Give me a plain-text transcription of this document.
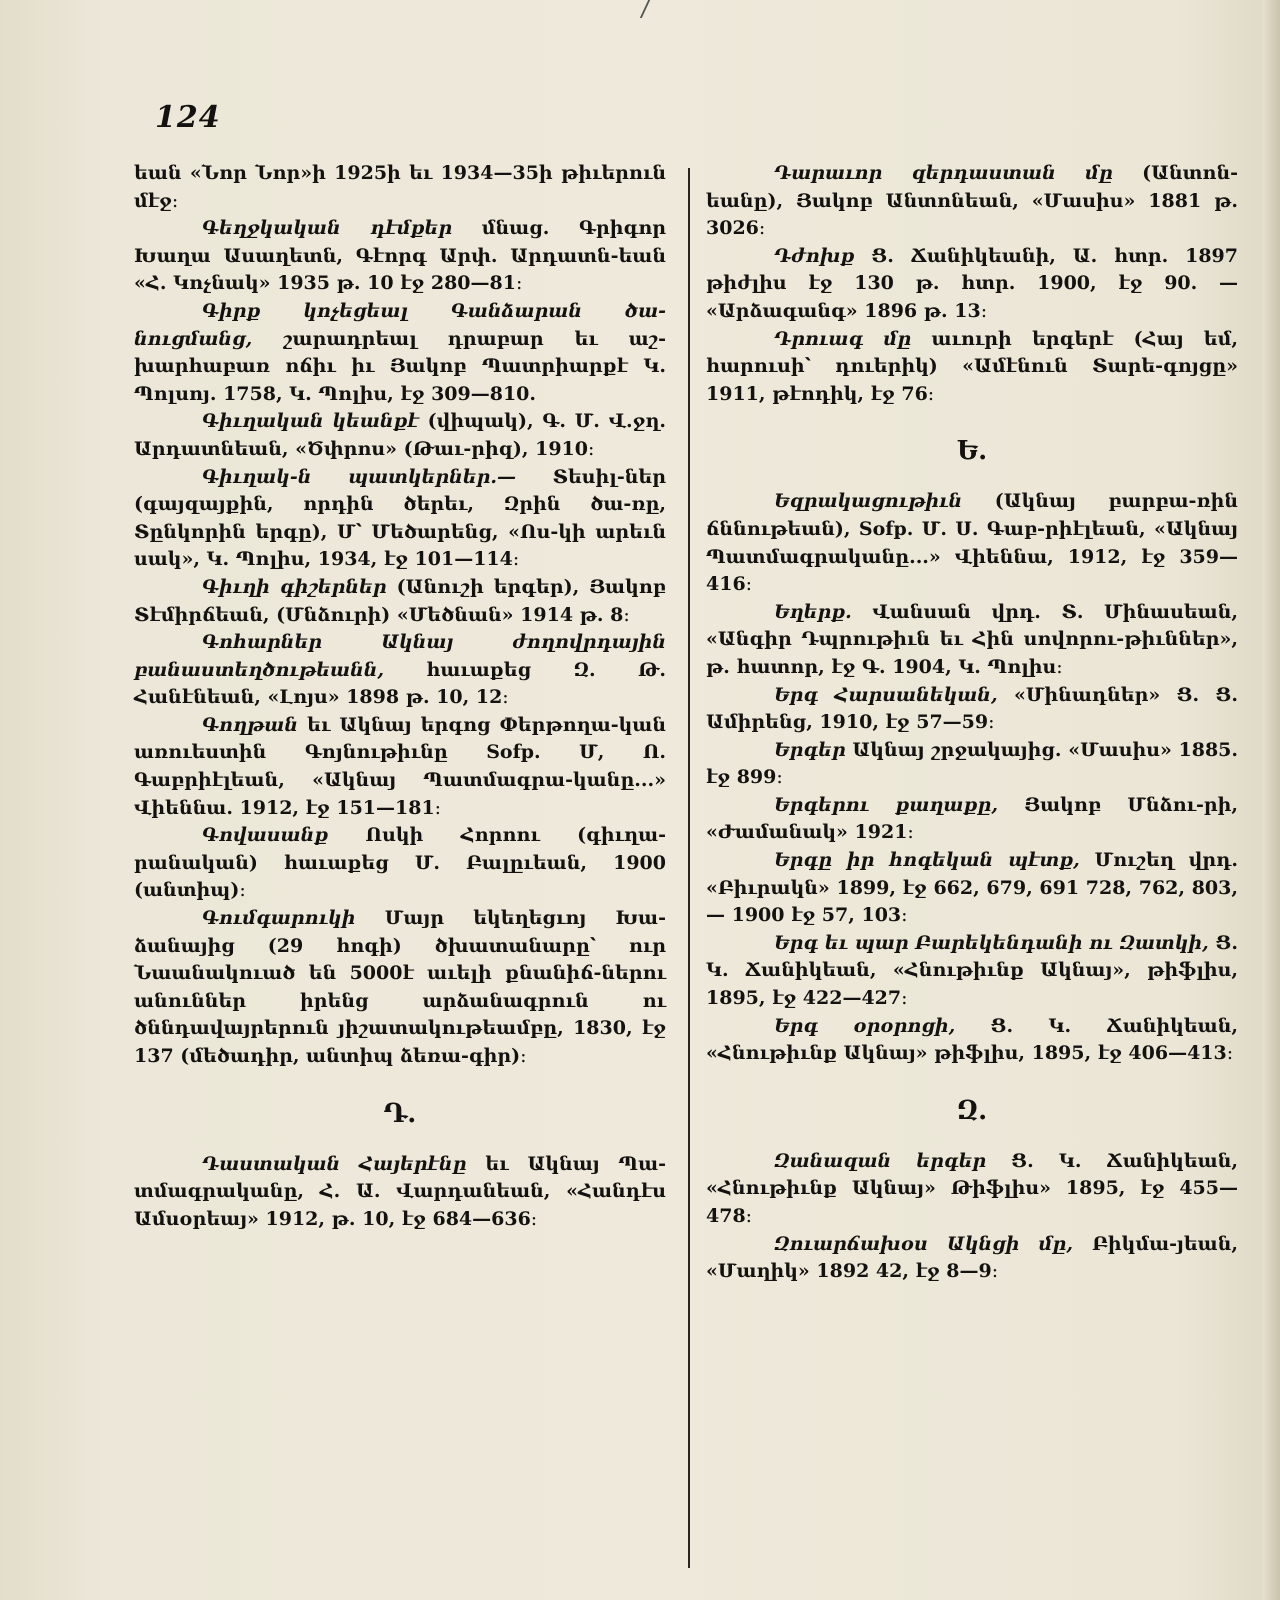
124

եան «Նոր Նոր»ի 1925ի եւ 1934—35ի թիւերուն մէջ։

Գեղջկական դէմքեր մնաց. Գրիգոր Խաղա Ասաղետն, Գէորգ Արփ. Արդատն-եան «Հ. Կոչնակ» 1935 թ. 10 էջ 280—81։

Գիրք կոչեցեալ Գանձարան ծա-նուցմանց, շարադրեալ դրաբար եւ աշ-խարհաբառ ոճիւ իւ Յակոբ Պատրիարքէ Կ. Պոլսոյ. 1758, Կ. Պոլիս, էջ 309—810.

Գիւղական կեանքէ (վիպակ), Գ. Մ. Վ.ջղ. Արդատնեան, «Ծփրոս» (Թաւ-րիզ), 1910։

Գիւղակ-ն պատկերներ.— Տեսիլ-ներ (գայզայքին, որդին ծերեւ, Զրին ծա-ռը, Տընկորին երգը), Մ՝ Մեծարենց, «Ոս-կի արեւն սակ», Կ. Պոլիս, 1934, էջ 101—114։

Գիւղի գիշերներ (Անուշի երգեր), Յակոբ Տէմիրճեան, (Մնձուրի) «Մեծնան» 1914 թ. 8։

Գոհարներ Ակնայ ժողովրդային բանաստեղծութեանն, հաւաքեց Զ. Թ. Հանէնեան, «Լոյս» 1898 թ. 10, 12։

Գողթան եւ Ակնայ երգոց Փերթողա-կան առուեստին Գոյնութիւնը Sofp. Մ, Ո. Գաբրիէլեան, «Ակնայ Պատմագրա-կանը...» Վիեննա. 1912, էջ 151—181։

Գովասանք Ոսկի Հորոու (գիւղա-րանական) հաւաքեց Մ. Բալըւեան, 1900 (անտիպ)։

Գումգարուկի Մայր եկեղեցւոյ Խա-ձանայից (29 հոգի) ծխատանարը՝ ուր Նաանակուած են 5000է աւելի քնանիճ-ներու անուններ իրենց արձանագրուն ու ծննդավայրերուն յիշատակութեամբը, 1830, էջ 137 (մեծադիր, անտիպ ձեռա-գիր)։

Դ.

Դաստական Հայերէնը եւ Ակնայ Պա-տմագրականը, Հ. Ա. Վարդանեան, «Հանդէս Ամսօրեայ» 1912, թ. 10, էջ 684—636։

Դարաւոր զերդաստան մը (Անտոն-եանը), Յակոբ Անտոնեան, «Մասիս» 1881 թ. 3026։

Դժոխք Ց. Ճանիկեանի, Ա. հտր. 1897 թիժլիս էջ 130 թ. հտր. 1900, էջ 90. — «Արձագանգ» 1896 թ. 13։

Դրուագ մը աւուրի երգերէ (Հայ եմ, հարուսի՝ դուերիկ) «Ամէնուն Տարե-գոյցը» 1911, թէոդիկ, էջ 76։

Ե.

Եզրակացութիւն (Ակնայ բարբա-ռին ճննութեան), Sofp. Մ. Ս. Գաբ-րիէլեան, «Ակնայ Պատմագրականը...» Վիեննա, 1912, էջ 359—416։

Եղերք. Վանսան վրդ. Տ. Մինասեան, «Անգիր Դպրութիւն եւ Հին սովորու-թիւններ», թ. հատոր, էջ Գ. 1904, Կ. Պոլիս։

Երգ Հարսանեկան, «Մինադներ» Ց. Ց. Ամիրենց, 1910, էջ 57—59։

Երգեր Ակնայ շրջակայից. «Մասիս» 1885. էջ 899։

Երգերու քաղաքը, Յակոբ Մնձու-րի, «Ժամանակ» 1921։

Երգը իր հոգեկան պէտք, Մուշեղ վրդ. «Բիւրակն» 1899, էջ 662, 679, 691 728, 762, 803, — 1900 էջ 57, 103։

Երգ եւ պար Բարեկենդանի ու Զատկի, Ց. Կ. Ճանիկեան, «Հնութիւնք Ակնայ», թիֆլիս, 1895, էջ 422—427։

Երգ օրօրոցի, Ց. Կ. Ճանիկեան, «Հնութիւնք Ակնայ» թիֆլիս, 1895, էջ 406—413։

Զ.

Զանազան երգեր Ց. Կ. Ճանիկեան, «Հնութիւնք Ակնայ» Թիֆլիս» 1895, էջ 455—478։

Զուարճախօս Ակնցի մը, Բիկմա-յեան, «Մաղիկ» 1892 42, էջ 8—9։
